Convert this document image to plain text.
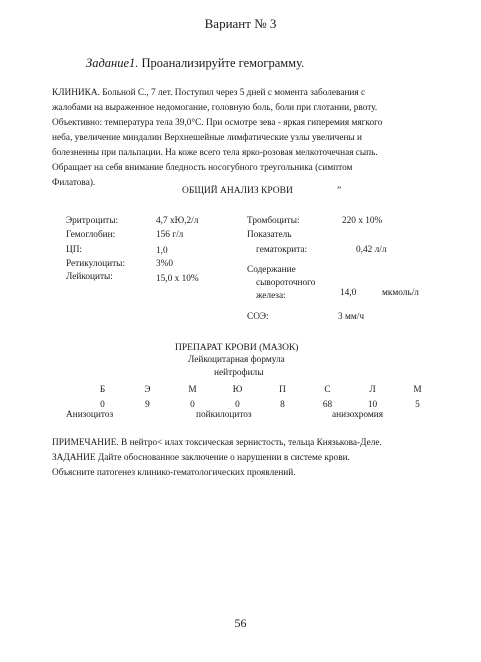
Вариант № 3
Задание1. Проанализируйте гемограмму.
КЛИНИКА. Больной С., 7 лет. Поступил через 5 дней с момента заболевания с
жалобами на выраженное недомогание, головную боль, боли при глотании, рвоту.
Объективно: температура тела 39,0°С. При осмотре зева - яркая гиперемия мягкого
неба, увеличение миндалин Верхнешейные лимфатические узлы увеличены и
болезненны при пальпации. На коже всего тела ярко-розовая мелкоточечная сыпь.
Обращает на себя внимание бледность носогубного треугольника (симптом
Филатова).
ОБЩИЙ АНАЛИЗ КРОВИ	”
Эритроциты:	4,7 хЮ,2/л
Гемоглобин:	156 г/л
ЦП:	1,0
Ретикулоциты:	3%0
Лейкоциты:	15,0 х 10%
Тромбоциты:	220 х 10%
Показатель
гематокрита:	0,42 л/л
Содержание
сывороточного
железа:	14,0	мкмоль/л
СОЭ:	3 мм/ч
ПРЕПАРАТ КРОВИ (МАЗОК)
Лейкоцитарная формула
нейтрофилы
Б	Э	М	Ю	П	С	Л	М
0	9	0	0	8	68	10	5
Анизоцитоз	пойкилоцитоз	анизохромия
ПРИМЕЧАНИЕ. В нейтро< илах токсическая зернистость, тельца Князькова-Деле.
ЗАДАНИЕ Дайте обоснованное заключение о нарушении в системе крови.
Объясните патогенез клинико-гематологических проявлений.
56
